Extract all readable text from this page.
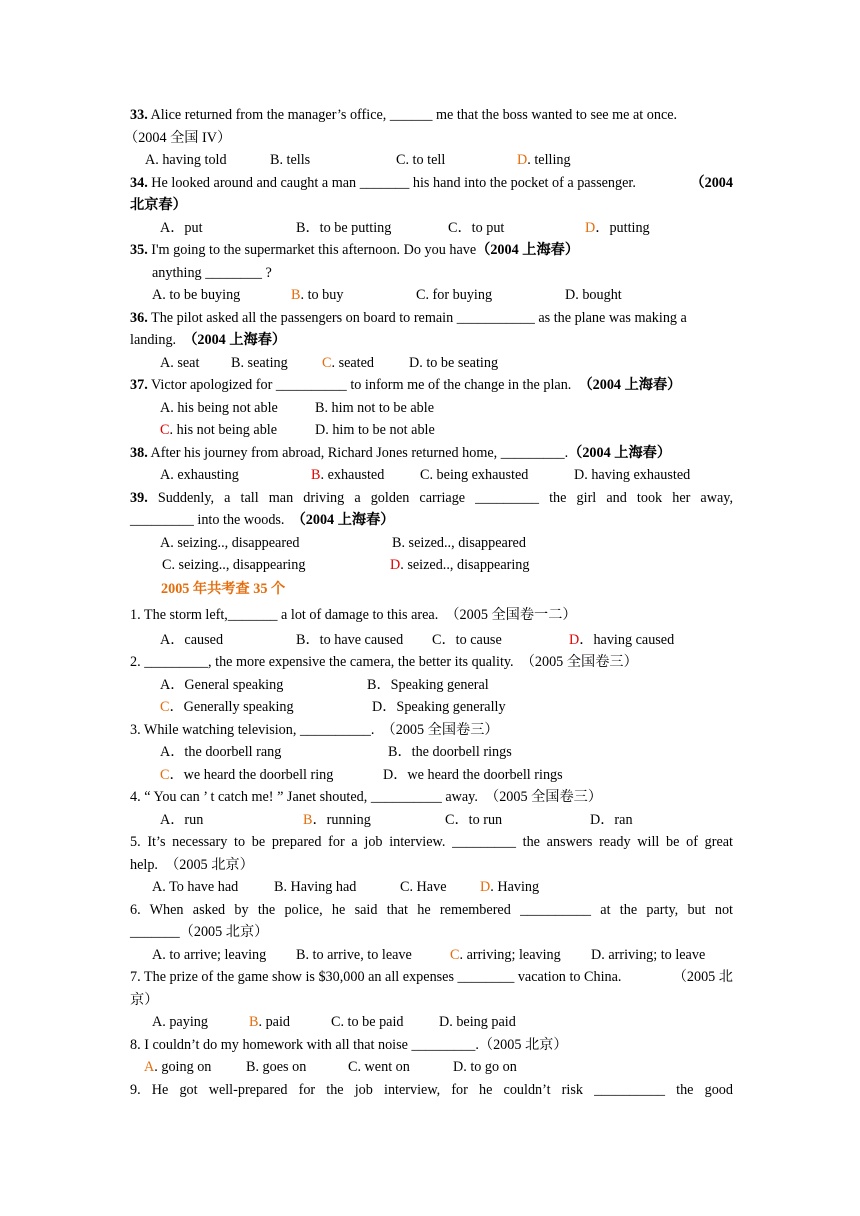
33. Alice returned from the manager’s office, ______ me that the boss wanted to see me at once.
（2004 全国 IV）
A. having told	B. tells	C. to tell	D. telling
34. He looked around and caught a man _______ his hand into the pocket of a passenger.	（2004
北京春）
A．put	B．to be putting	C．to put	D．putting
35. I'm going to the supermarket this afternoon. Do you have（2004 上海春）
anything ________ ?
A. to be buying	B. to buy	C. for buying	D. bought
36. The pilot asked all the passengers on board to remain ___________ as the plane was making a
landing. （2004 上海春）
A. seat B. seating C. seated D. to be seating
37. Victor apologized for __________ to inform me of the change in the plan. （2004 上海春）
A. his being not able	B. him not to be able
C. his not being able	D. him to be not able
38. After his journey from abroad, Richard Jones returned home, _________.（2004 上海春）
A. exhausting	B. exhausted	C. being exhausted	D. having exhausted
39. Suddenly, a tall man driving a golden carriage _________ the girl and took her away,
_________ into the woods. （2004 上海春）
A. seizing.., disappeared	B. seized.., disappeared
C. seizing.., disappearing	D. seized.., disappearing
2005 年共考查 35 个
1. The storm left,_______ a lot of damage to this area. （2005 全国卷一二）
A．caused	B．to have caused C．to cause	D．having caused
2. _________, the more expensive the camera, the better its quality. （2005 全国卷三）
A．General speaking	B．Speaking general
C．Generally speaking	D．Speaking generally
3. While watching television, __________. （2005 全国卷三）
A．the doorbell rang	B．the doorbell rings
C．we heard the doorbell ring	D．we heard the doorbell rings
4. “ You can ’ t catch me! ” Janet shouted, __________ away. （2005 全国卷三）
A．run	B．running	C．to run	D．ran
5. It’s necessary to be prepared for a job interview. _________ the answers ready will be of great
help. （2005 北京）
A. To have had	B. Having had	C. Have D. Having
6. When asked by the police, he said that he remembered __________ at the party, but not
_______（2005 北京）
A. to arrive; leaving B. to arrive, to leave	C. arriving; leaving D. arriving; to leave
7. The prize of the game show is $30,000 an all expenses ________ vacation to China.	（2005 北
京）
A. paying	B. paid	C. to be paid D. being paid
8. I couldn’t do my homework with all that noise _________.（2005 北京）
A. going on B. goes on	C. went on	D. to go on
9. He got well-prepared for the job interview, for he couldn’t risk __________ the good
